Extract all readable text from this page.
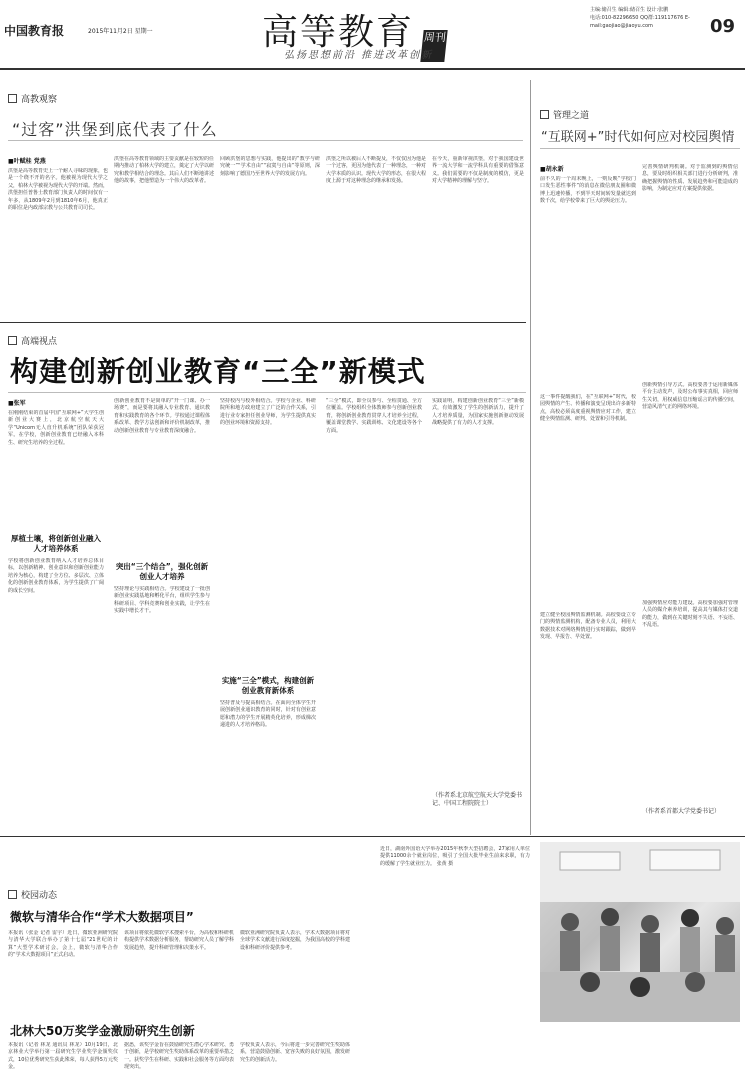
中国教育报	2015年11月2日 星期一	高等教育 周刊
弘扬思想前沿 推进改革创新
主编:储召生 编辑:储召生 设计:张鹏
电话:010-82296650 QQ群:119117676 E-mail:gaojiao@jiaoyu.com	09
高教观察
“过客”洪堡到底代表了什么
■叶赋桂 党燕
洪堡是高等教育史上一个耐人寻味的现象，也是一个绕不开的名字。他被视为现代大学之父，柏林大学被视为现代大学的开端。然而，洪堡担任普鲁士教育部门负责人的时间仅有一年多，从1809年2月到1810年6月，他真正的职位是内政部宗教与公共教育司司长。
洪堡在高等教育领域的主要贡献是在较短的任期内推动了柏林大学的建立，奠定了大学以研究和教学相结合的理念。其后人们不断地讲述他的故事，把他塑造为一个伟大的改革者。
回顾洪堡的思想与实践，他提出的“教学与研究统一”“学术自由”“寂寞与自由”等原则，深刻影响了德国乃至世界大学的发展方向。
洪堡之所以被后人不断提及，不仅仅因为他是一个过客，更因为他代表了一种理念，一种对大学本质的认识。现代大学的形态，在很大程度上源于对这种理念的继承和发扬。
在今天，重新审视洪堡，对于我国建设世界一流大学和一流学科具有重要的借鉴意义。我们需要的不仅是制度的模仿，更是对大学精神的理解与坚守。
管理之道
“互联网+”时代如何应对校园舆情
■胡永新
前不久的一个周末晚上，一则反映“学校门口发生恶性事件”的消息在微信朋友圈和微博上迅速传播，不到半天时间转发量就达到数千次，给学校带来了巨大的舆论压力。
这一事件提醒我们，在“互联网+”时代，校园舆情的产生、传播和演变呈现出许多新特点，高校必须高度重视舆情应对工作，建立健全舆情监测、研判、处置和引导机制。
建立健全校园舆情监测机制。高校要设立专门的舆情监测机构，配备专业人员，利用大数据技术对网络舆情进行实时跟踪，做到早发现、早报告、早处置。
完善舆情研判机制。对于监测到的舆情信息，要及时组织相关部门进行分析研判，准确把握舆情的性质、发展趋势和可能造成的影响，为制定应对方案提供依据。
创新舆情引导方式。高校要善于运用新媒体平台主动发声，及时公布事实真相，回应师生关切，用权威信息压缩谣言的传播空间，营造风清气正的网络环境。
加强舆情应对能力建设。高校要加强对管理人员的媒介素养培训，提高其与媒体打交道的能力，做到在关键时刻不失语、不妄语、不乱语。
（作者系首都大学党委书记）
高端视点
构建创新创业教育“三全”新模式
■张军
在刚刚结束的首届中国“互联网+”大学生创新创业大赛上，北京航空航天大学“Unicorn无人直升机系统”团队荣获冠军。在学校，创新创业教育已经融入本科生、研究生培养的全过程。
厚植土壤，将创新创业融入人才培养体系
学校将创新创业教育纳入人才培养总体目标，以创新精神、创业意识和创新创业能力培养为核心，构建了全方位、多层次、立体化的创新创业教育体系，为学生提供了广阔的成长空间。
创新创业教育不是简单的“开一门课、办一场赛”，而是要将其融入专业教育、通识教育和实践教育的各个环节。学校通过课程体系改革、教学方法创新和评价机制改革，推动创新创业教育与专业教育深度融合。
突出“三个结合”，强化创新创业人才培养
坚持理论与实践相结合。学校建设了一批创新创业实践基地和孵化平台，组织学生参与科研项目、学科竞赛和创业实践，让学生在实践中增长才干。
坚持校内与校外相结合。学校与企业、科研院所和地方政府建立了广泛的合作关系，引进行业专家担任创业导师，为学生提供真实的创业环境和资源支持。
实施“三全”模式，构建创新创业教育新体系
坚持普及与提高相结合。在面向全体学生开展创新创业通识教育的同时，针对有创业意愿和潜力的学生开展精英化培养，形成梯次递进的人才培养格局。
“三全”模式，即全员参与、全程贯通、全方位覆盖。学校组织全体教师参与创新创业教育，将创新创业教育贯穿人才培养全过程，覆盖课堂教学、实践训练、文化建设等各个方面。
实践证明，构建创新创业教育“三全”新模式，有效激发了学生的创新活力，提升了人才培养质量，为国家实施创新驱动发展战略提供了有力的人才支撑。
（作者系北京航空航天大学党委书记、中国工程院院士）
近日，湖南外国语大学举办2015年秋季大型招聘会，27家用人单位提供11000余个就业岗位，吸引了全国大批毕业生前来求职，有力的缓解了学生就业压力。 张黄 摄
校园动态
微软与清华合作“学术大数据项目”
本报讯（张金 记者 雷宇）近日，微软亚洲研究院与清华大学联合举办了第十七届“21世纪的计算”大型学术研讨会。会上，微软与清华合作的“学术大数据项目”正式启动。
该项目将依托微软学术搜索平台，为高校和科研机构提供学术数据分析服务，帮助研究人员了解学科发展趋势，提升科研管理和决策水平。
微软亚洲研究院负责人表示，学术大数据项目将对全球学术文献进行深度挖掘，为我国高校的学科建设和科研评价提供参考。
北林大50万奖学金激励研究生创新
本报讯（记者 林龙 通讯员 林龙）10月19日，北京林业大学举行第一届研究生学业奖学金颁奖仪式，10位优秀研究生获此殊荣，每人获得5万元奖金。
据悉，该奖学金旨在鼓励研究生潜心学术研究、勇于创新，是学校研究生奖助体系改革的重要举措之一。获奖学生在科研、实践和社会服务等方面均表现突出。
学校负责人表示，今后将进一步完善研究生奖助体系，营造鼓励创新、宽容失败的良好氛围，激发研究生的创新活力。
